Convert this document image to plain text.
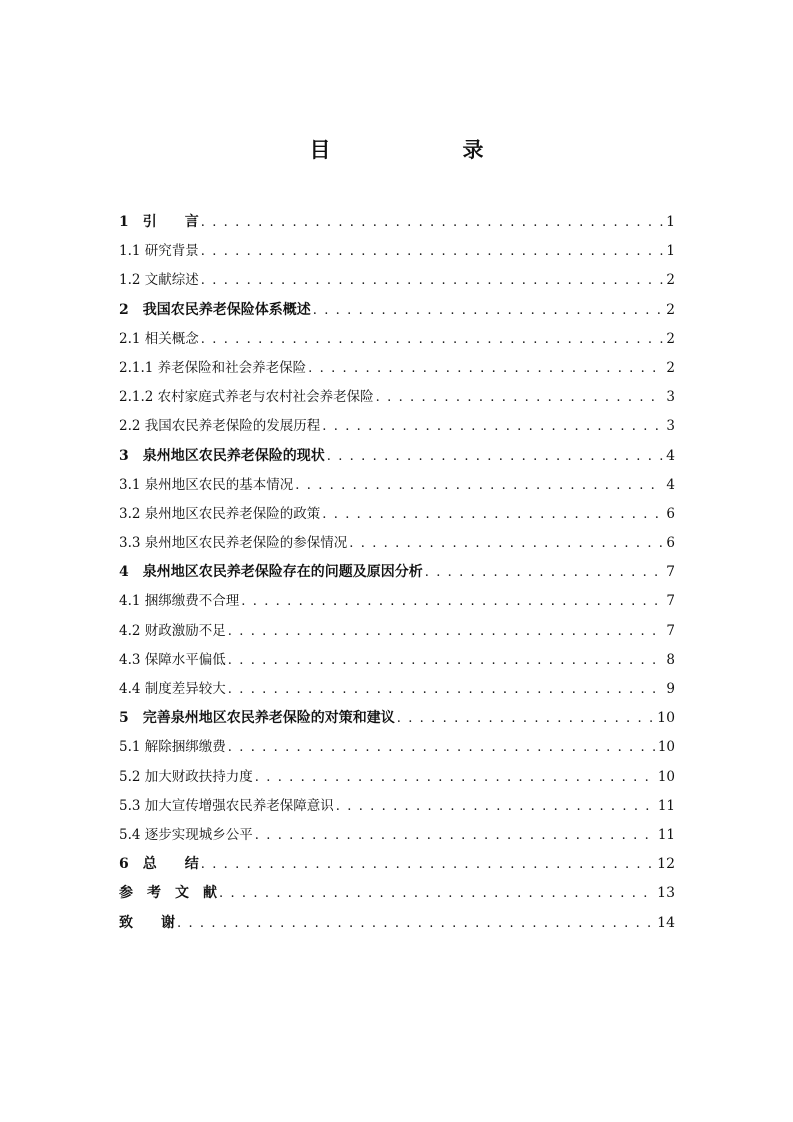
目　　录
1　引　　言 . . .	1
1.1 研究背景 . . .	1
1.2 文献综述 . . .	2
2　我国农民养老保险体系概述 . . .	2
2.1 相关概念 . . .	2
2.1.1 养老保险和社会养老保险 . . .	2
2.1.2 农村家庭式养老与农村社会养老保险 . . .	3
2.2 我国农民养老保险的发展历程 . . .	3
3　泉州地区农民养老保险的现状 . . .	4
3.1 泉州地区农民的基本情况 . . .	4
3.2 泉州地区农民养老保险的政策 . . .	6
3.3 泉州地区农民养老保险的参保情况 . . .	6
4　泉州地区农民养老保险存在的问题及原因分析 . . .	7
4.1 捆绑缴费不合理 . . .	7
4.2 财政激励不足 . . .	7
4.3 保障水平偏低 . . .	8
4.4 制度差异较大 . . .	9
5　完善泉州地区农民养老保险的对策和建议 . . .	10
5.1 解除捆绑缴费 . . .	10
5.2 加大财政扶持力度 . . .	10
5.3 加大宣传增强农民养老保障意识 . . .	11
5.4 逐步实现城乡公平 . . .	11
6　总　　结 . . .	12
参　考　文　献 . . .	13
致　　谢 . . .	14
